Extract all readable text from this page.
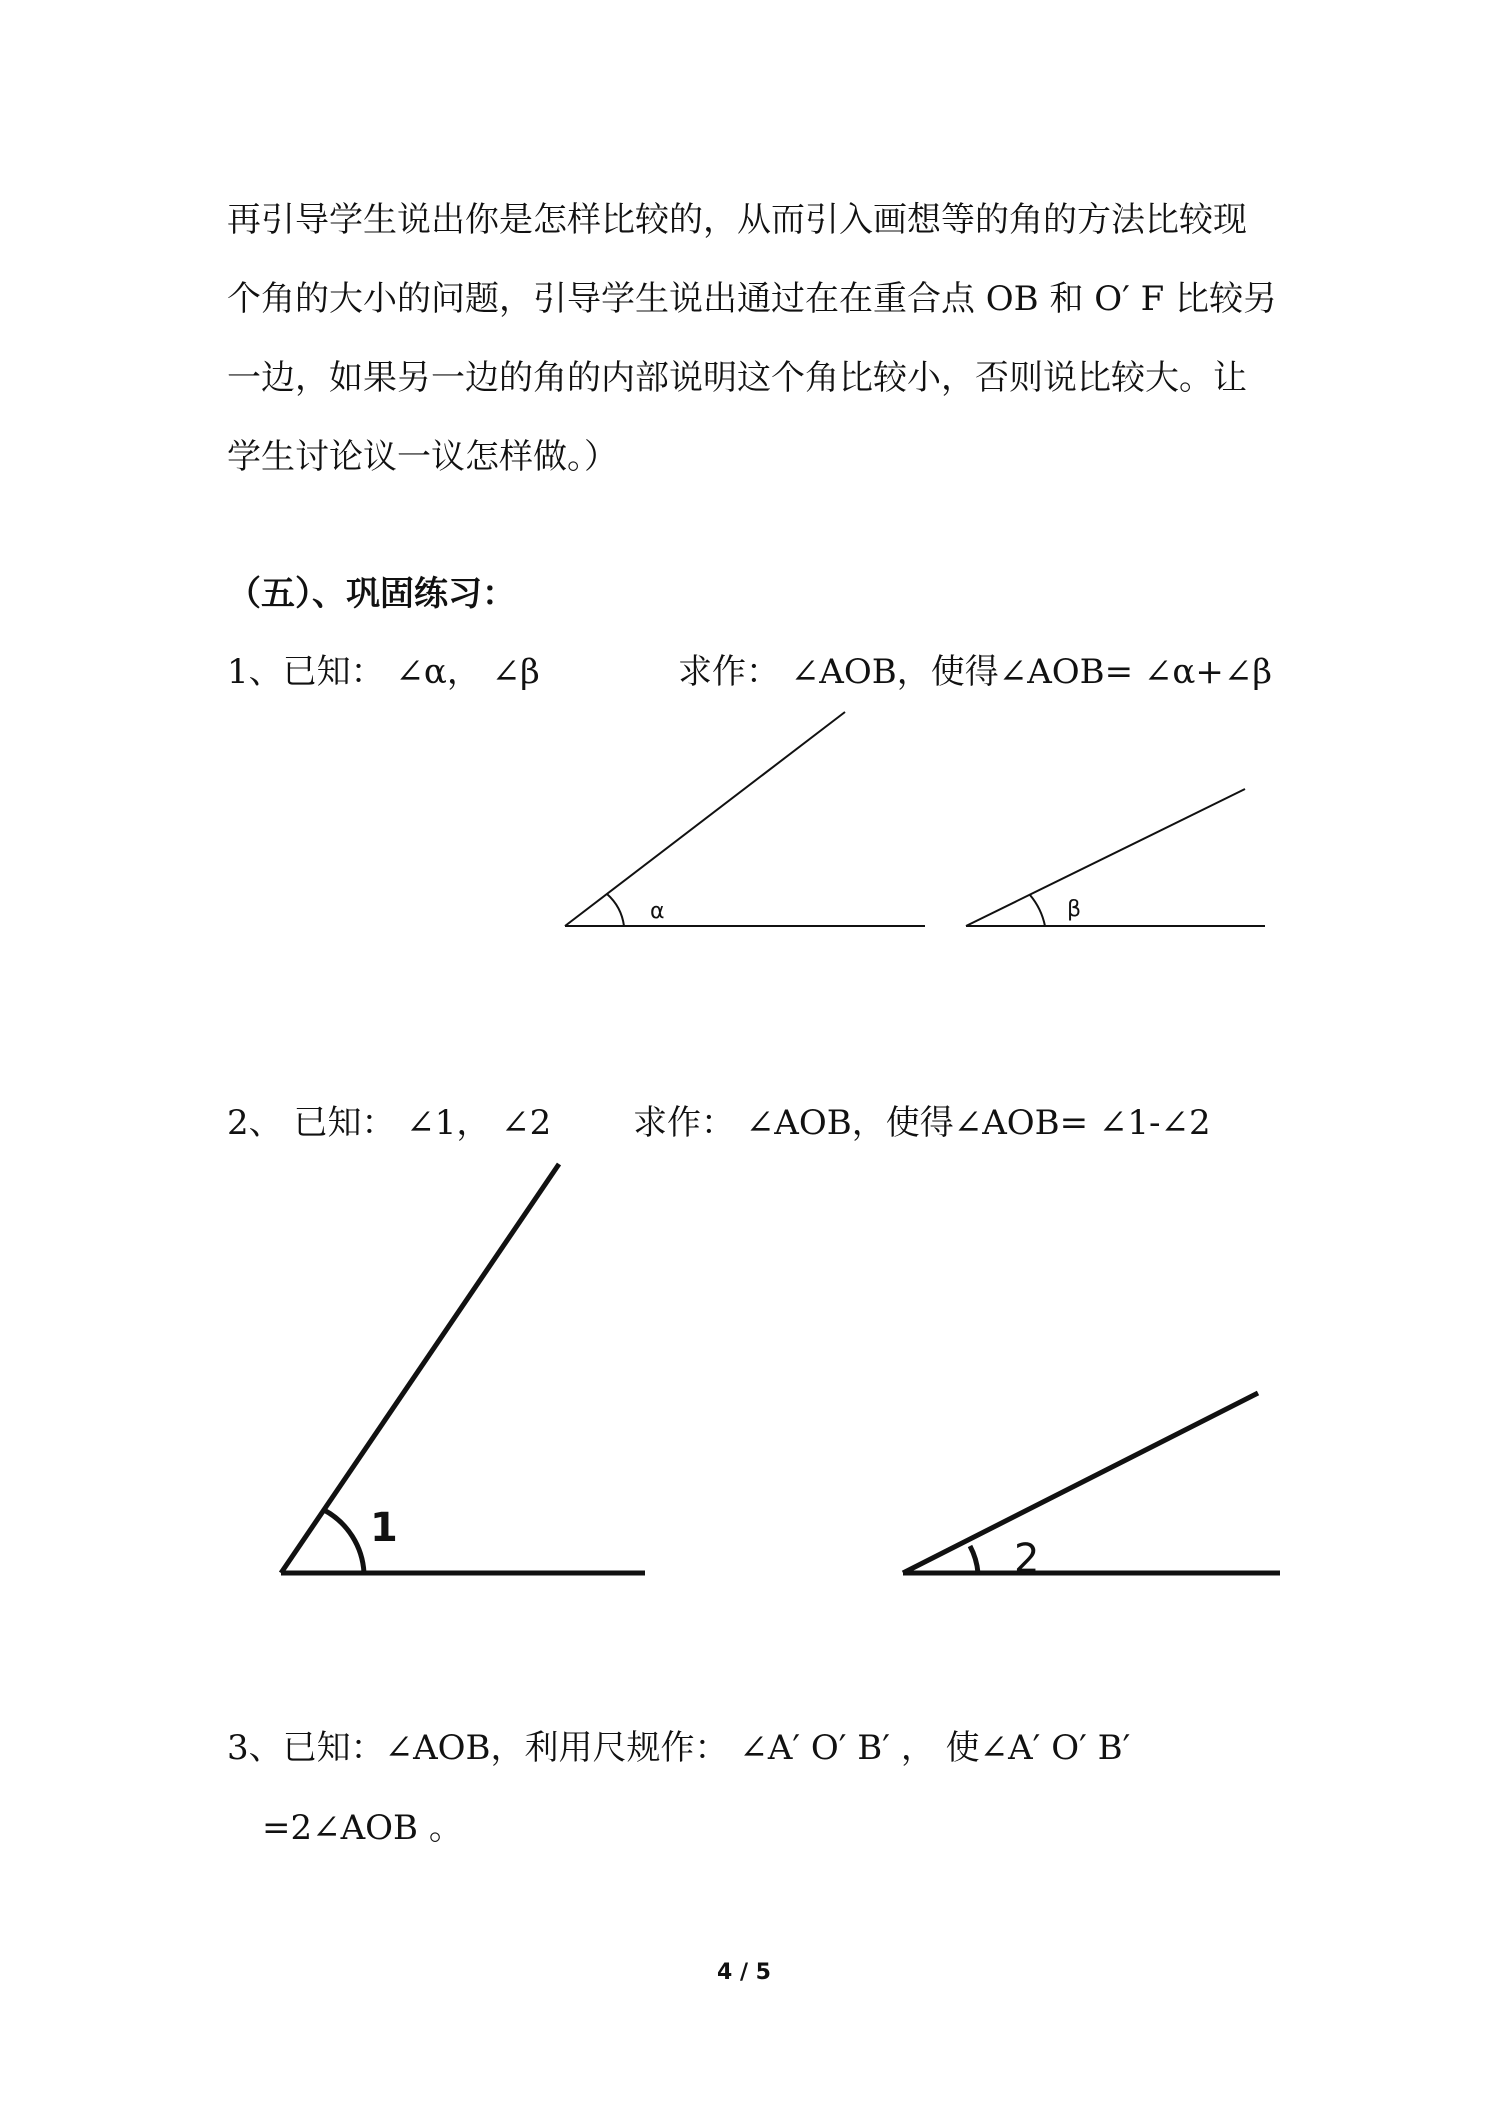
再引导学生说出你是怎样比较的，从而引入画想等的角的方法比较现

个角的大小的问题，引导学生说出通过在在重合点 OB 和 O′ F 比较另

一边，如果另一边的角的内部说明这个角比较小，否则说比较大。让

学生讨论议一议怎样做。）

（五）、巩固练习：

1、已知： ∠α， ∠β	求作： ∠AOB，使得∠AOB= ∠α+∠β

α	β
1
2

2、 已知： ∠1， ∠2 求作： ∠AOB，使得∠AOB= ∠1-∠2

3、已知：∠AOB，利用尺规作： ∠A′ O′ B′ ， 使∠A′ O′ B′

=2∠AOB 。

4 / 5
